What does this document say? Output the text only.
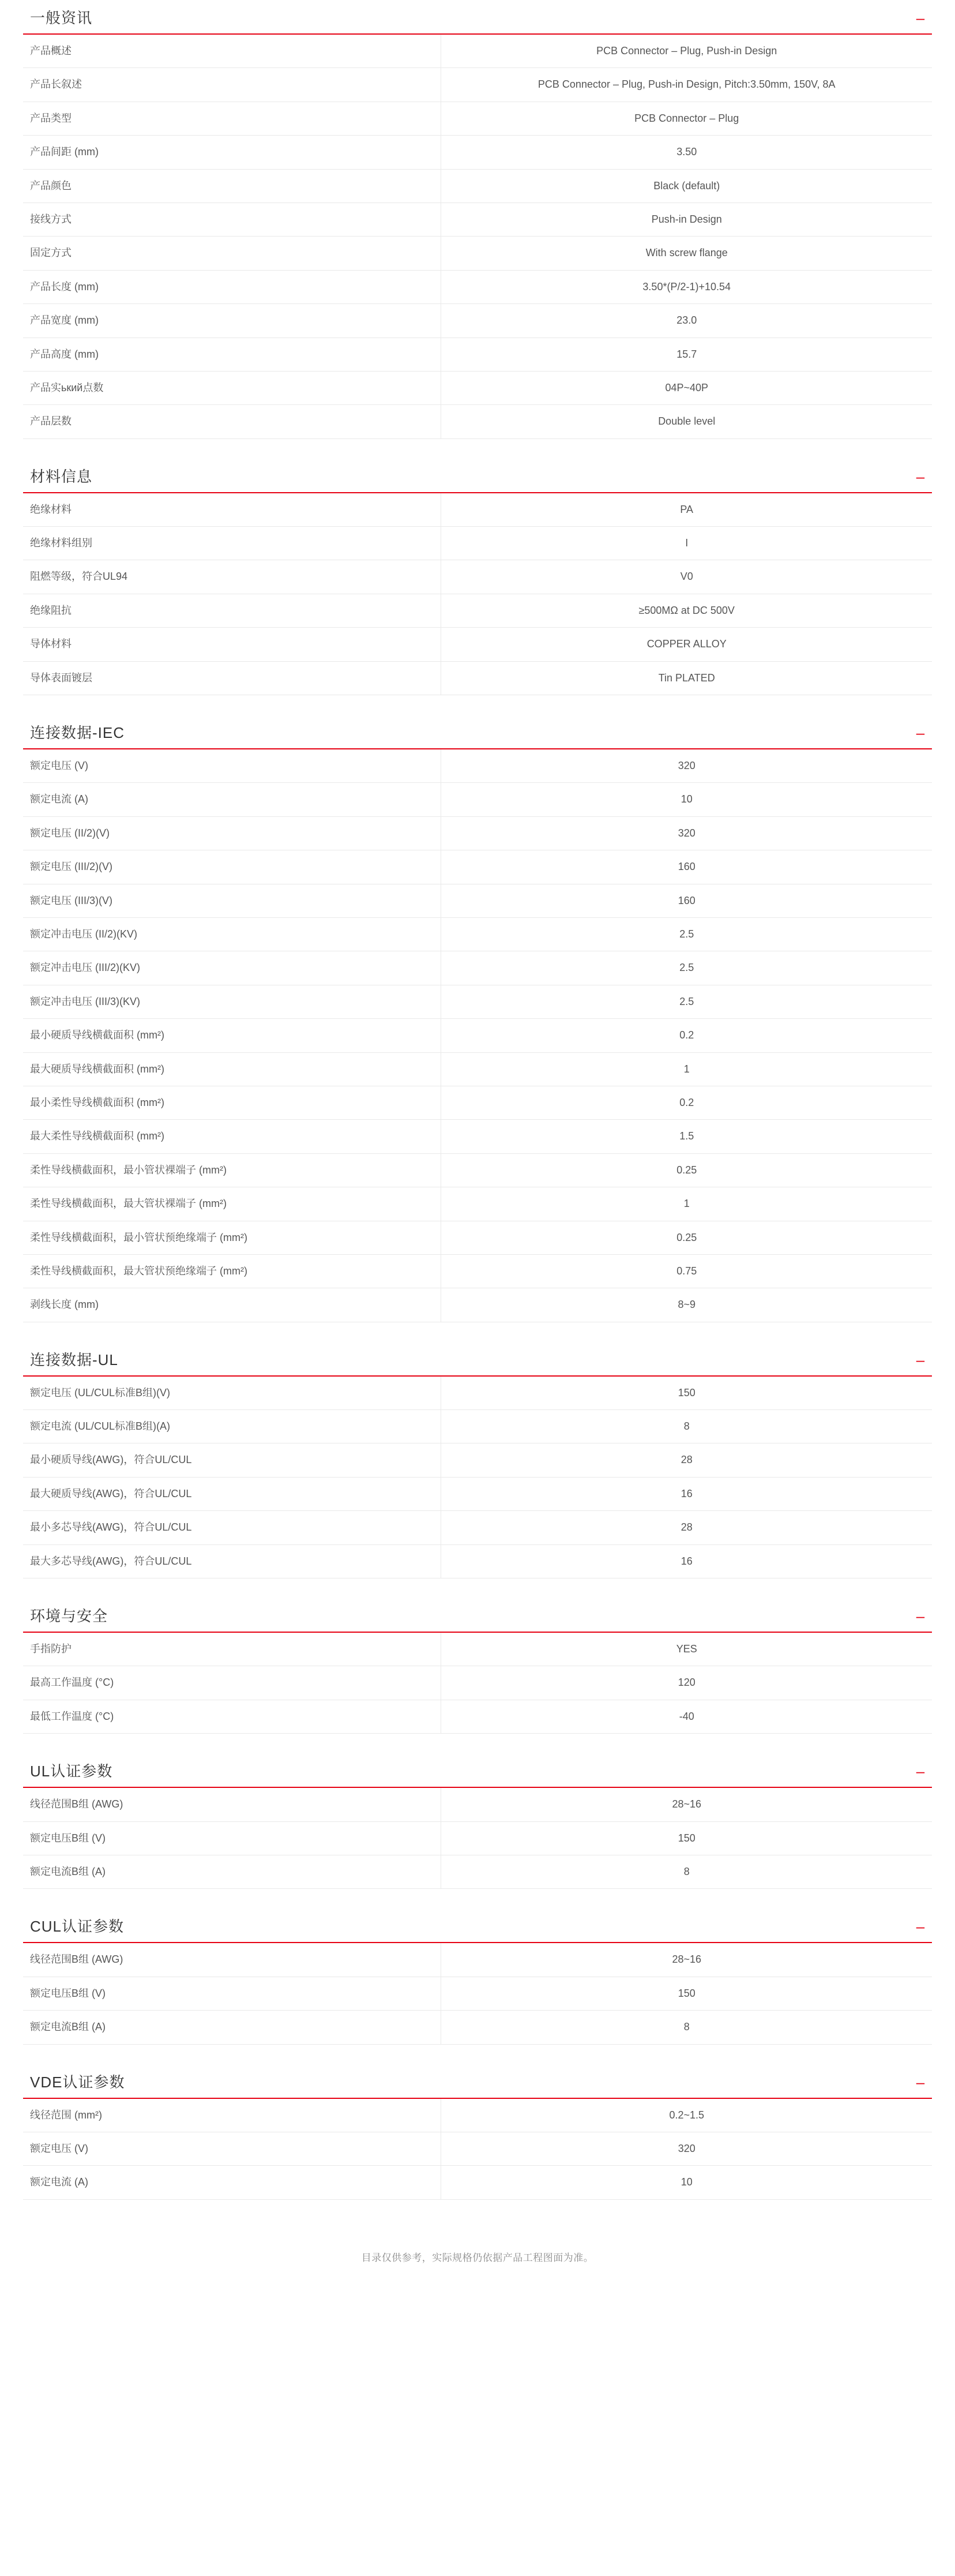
一般资讯	–
产品概述	PCB Connector – Plug, Push-in Design
产品长叙述	PCB Connector – Plug, Push-in Design, Pitch:3.50mm, 150V, 8A
产品类型	PCB Connector – Plug
产品间距 (mm)	3.50
产品颜色	Black (default)
接线方式	Push-in Design
固定方式	With screw flange
产品长度 (mm)	3.50*(P/2-1)+10.54
产品宽度 (mm)	23.0
产品高度 (mm)	15.7
产品实ький点数	04P~40P
产品层数	Double level
材料信息	–
绝缘材料	PA
绝缘材料组别	I
阻燃等级，符合UL94	V0
绝缘阻抗	≥500MΩ at DC 500V
导体材料	COPPER ALLOY
导体表面镀层	Tin PLATED
连接数据-IEC	–
额定电压 (V)	320
额定电流 (A)	10
额定电压 (II/2)(V)	320
额定电压 (III/2)(V)	160
额定电压 (III/3)(V)	160
额定冲击电压 (II/2)(KV)	2.5
额定冲击电压 (III/2)(KV)	2.5
额定冲击电压 (III/3)(KV)	2.5
最小硬质导线横截面积 (mm²)	0.2
最大硬质导线横截面积 (mm²)	1
最小柔性导线横截面积 (mm²)	0.2
最大柔性导线横截面积 (mm²)	1.5
柔性导线横截面积，最小管状裸端子 (mm²)	0.25
柔性导线横截面积，最大管状裸端子 (mm²)	1
柔性导线横截面积，最小管状预绝缘端子 (mm²)	0.25
柔性导线横截面积，最大管状预绝缘端子 (mm²)	0.75
剥线长度 (mm)	8~9
连接数据-UL	–
额定电压 (UL/CUL标准B组)(V)	150
额定电流 (UL/CUL标准B组)(A)	8
最小硬质导线(AWG)，符合UL/CUL	28
最大硬质导线(AWG)，符合UL/CUL	16
最小多芯导线(AWG)，符合UL/CUL	28
最大多芯导线(AWG)，符合UL/CUL	16
环境与安全	–
手指防护	YES
最高工作温度 (°C)	120
最低工作温度 (°C)	-40
UL认证参数	–
线径范围B组 (AWG)	28~16
额定电压B组 (V)	150
额定电流B组 (A)	8
CUL认证参数	–
线径范围B组 (AWG)	28~16
额定电压B组 (V)	150
额定电流B组 (A)	8
VDE认证参数	–
线径范围 (mm²)	0.2~1.5
额定电压 (V)	320
额定电流 (A)	10
目录仅供参考，实际规格仍依据产品工程图面为准。
